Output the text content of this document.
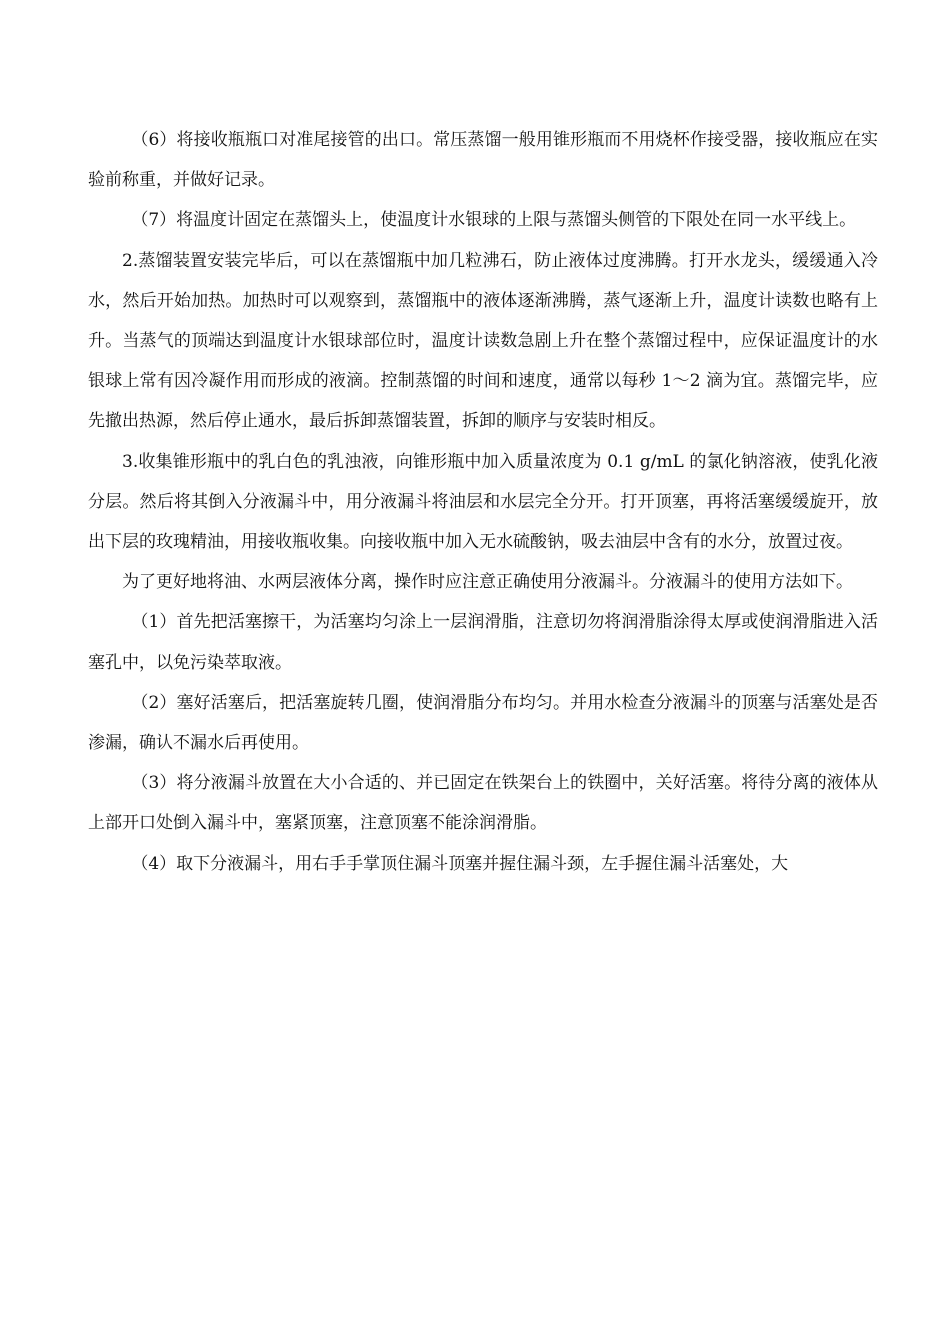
（6）将接收瓶瓶口对准尾接管的出口。常压蒸馏一般用锥形瓶而不用烧杯作接受器，接收瓶应在实验前称重，并做好记录。

（7）将温度计固定在蒸馏头上，使温度计水银球的上限与蒸馏头侧管的下限处在同一水平线上。

2.蒸馏装置安装完毕后，可以在蒸馏瓶中加几粒沸石，防止液体过度沸腾。打开水龙头，缓缓通入冷水，然后开始加热。加热时可以观察到，蒸馏瓶中的液体逐渐沸腾，蒸气逐渐上升，温度计读数也略有上升。当蒸气的顶端达到温度计水银球部位时，温度计读数急剧上升在整个蒸馏过程中，应保证温度计的水银球上常有因冷凝作用而形成的液滴。控制蒸馏的时间和速度，通常以每秒 1～2 滴为宜。蒸馏完毕，应先撤出热源，然后停止通水，最后拆卸蒸馏装置，拆卸的顺序与安装时相反。

3.收集锥形瓶中的乳白色的乳浊液，向锥形瓶中加入质量浓度为 0.1 g/mL 的氯化钠溶液，使乳化液分层。然后将其倒入分液漏斗中，用分液漏斗将油层和水层完全分开。打开顶塞，再将活塞缓缓旋开，放出下层的玫瑰精油，用接收瓶收集。向接收瓶中加入无水硫酸钠，吸去油层中含有的水分，放置过夜。

为了更好地将油、水两层液体分离，操作时应注意正确使用分液漏斗。分液漏斗的使用方法如下。

（1）首先把活塞擦干，为活塞均匀涂上一层润滑脂，注意切勿将润滑脂涂得太厚或使润滑脂进入活塞孔中，以免污染萃取液。

（2）塞好活塞后，把活塞旋转几圈，使润滑脂分布均匀。并用水检查分液漏斗的顶塞与活塞处是否渗漏，确认不漏水后再使用。

（3）将分液漏斗放置在大小合适的、并已固定在铁架台上的铁圈中，关好活塞。将待分离的液体从上部开口处倒入漏斗中，塞紧顶塞，注意顶塞不能涂润滑脂。

（4）取下分液漏斗，用右手手掌顶住漏斗顶塞并握住漏斗颈，左手握住漏斗活塞处，大
